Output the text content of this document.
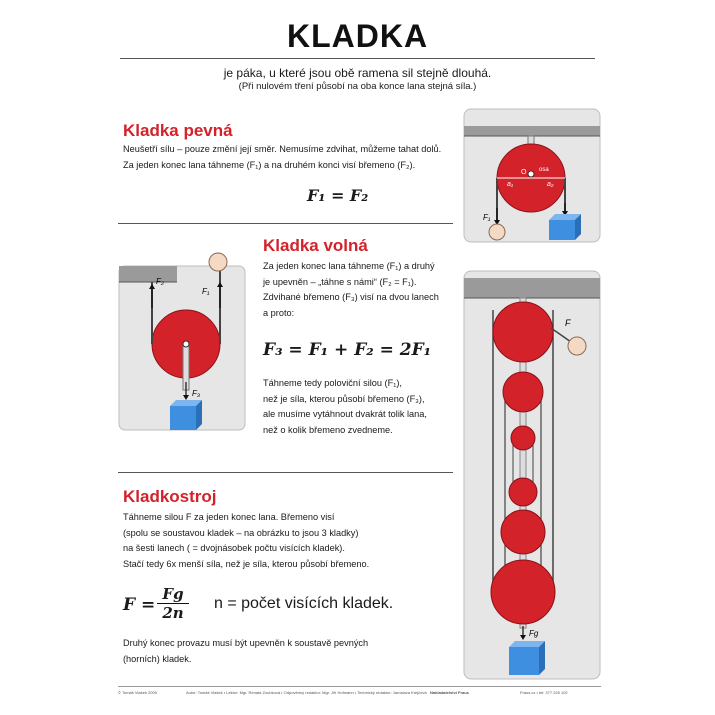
KLADKA
je páka, u které jsou obě ramena sil stejně dlouhá.
(Při nulovém tření působí na oba konce lana stejná síla.)
Kladka pevná
Neušetří sílu – pouze změní její směr. Nemusíme zdvihat, můžeme tahat dolů.
Za jeden konec lana táhneme (F₁) a na druhém konci visí břemeno (F₂).
F₁ = F₂
O osa
a₁	a₂
F₁
Kladka volná
Za jeden konec lana táhneme (F₁) a druhý
je upevněn – „táhne s námi“ (F₂ = F₁).
Zdvihané břemeno (F₃) visí na dvou lanech
a proto:
F₃ = F₁ + F₂ = 2F₁
Táhneme tedy poloviční silou (F₁),
než je síla, kterou působí břemeno (F₃),
ale musíme vytáhnout dvakrát tolik lana,
než o kolik břemeno zvedneme.
F₂
F₁
F₃
Kladkostroj
Táhneme silou F za jeden konec lana. Břemeno visí
(spolu se soustavou kladek – na obrázku to jsou 3 kladky)
na šesti lanech ( = dvojnásobek počtu visících kladek).
Stačí tedy 6x menší síla, než je síla, kterou působí břemeno.
$F = \frac{Fg}{2n}$ n = počet visících kladek.
Druhý konec provazu musí být upevněn k soustavě pevných
(horních) kladek.
F
Fg
© Tomáš Vlašek 2009	Autor: Tomáš Vlašek • Lektor: Mgr. Renata Zoubková • Odpovědný redaktor: Mgr. Jiří Hofmann • Technický redaktor: Jaroslava Krejčová Nakladatelství Fraus	Fraus.cz • tel: 377 226 102
